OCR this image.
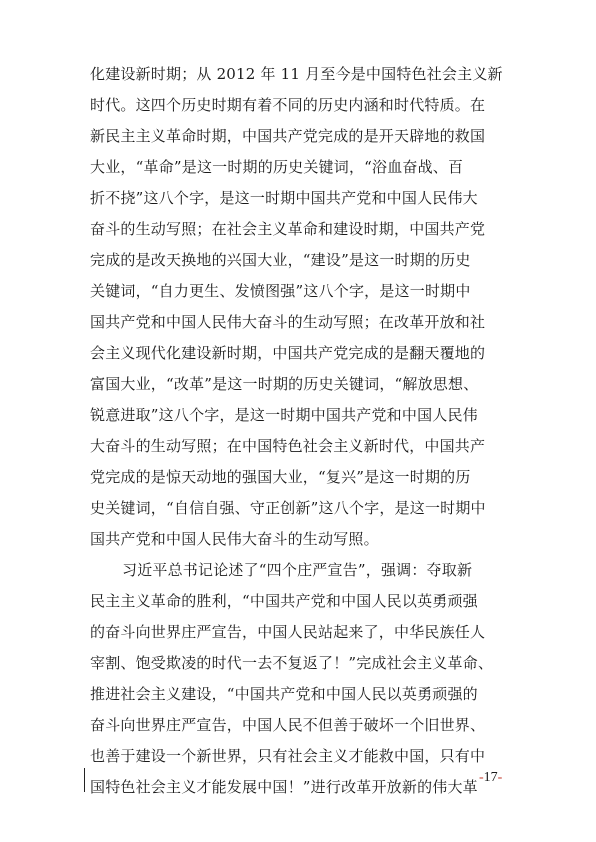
化建设新时期；从 2012 年 11 月至今是中国特色社会主义新
时代。这四个历史时期有着不同的历史内涵和时代特质。在
新民主主义革命时期，中国共产党完成的是开天辟地的救国
大业，“革命”是这一时期的历史关键词，“浴血奋战、百
折不挠”这八个字，是这一时期中国共产党和中国人民伟大
奋斗的生动写照；在社会主义革命和建设时期，中国共产党
完成的是改天换地的兴国大业，“建设”是这一时期的历史
关键词，“自力更生、发愤图强”这八个字，是这一时期中
国共产党和中国人民伟大奋斗的生动写照；在改革开放和社
会主义现代化建设新时期，中国共产党完成的是翻天覆地的
富国大业，“改革”是这一时期的历史关键词，“解放思想、
锐意进取”这八个字，是这一时期中国共产党和中国人民伟
大奋斗的生动写照；在中国特色社会主义新时代，中国共产
党完成的是惊天动地的强国大业，“复兴”是这一时期的历
史关键词，“自信自强、守正创新”这八个字，是这一时期中
国共产党和中国人民伟大奋斗的生动写照。
习近平总书记论述了“四个庄严宣告”，强调：夺取新
民主主义革命的胜利，“中国共产党和中国人民以英勇顽强
的奋斗向世界庄严宣告，中国人民站起来了，中华民族任人
宰割、饱受欺凌的时代一去不复返了！”完成社会主义革命、
推进社会主义建设，“中国共产党和中国人民以英勇顽强的
奋斗向世界庄严宣告，中国人民不但善于破坏一个旧世界、
也善于建设一个新世界，只有社会主义才能救中国，只有中
国特色社会主义才能发展中国！”进行改革开放新的伟大革
-17-
